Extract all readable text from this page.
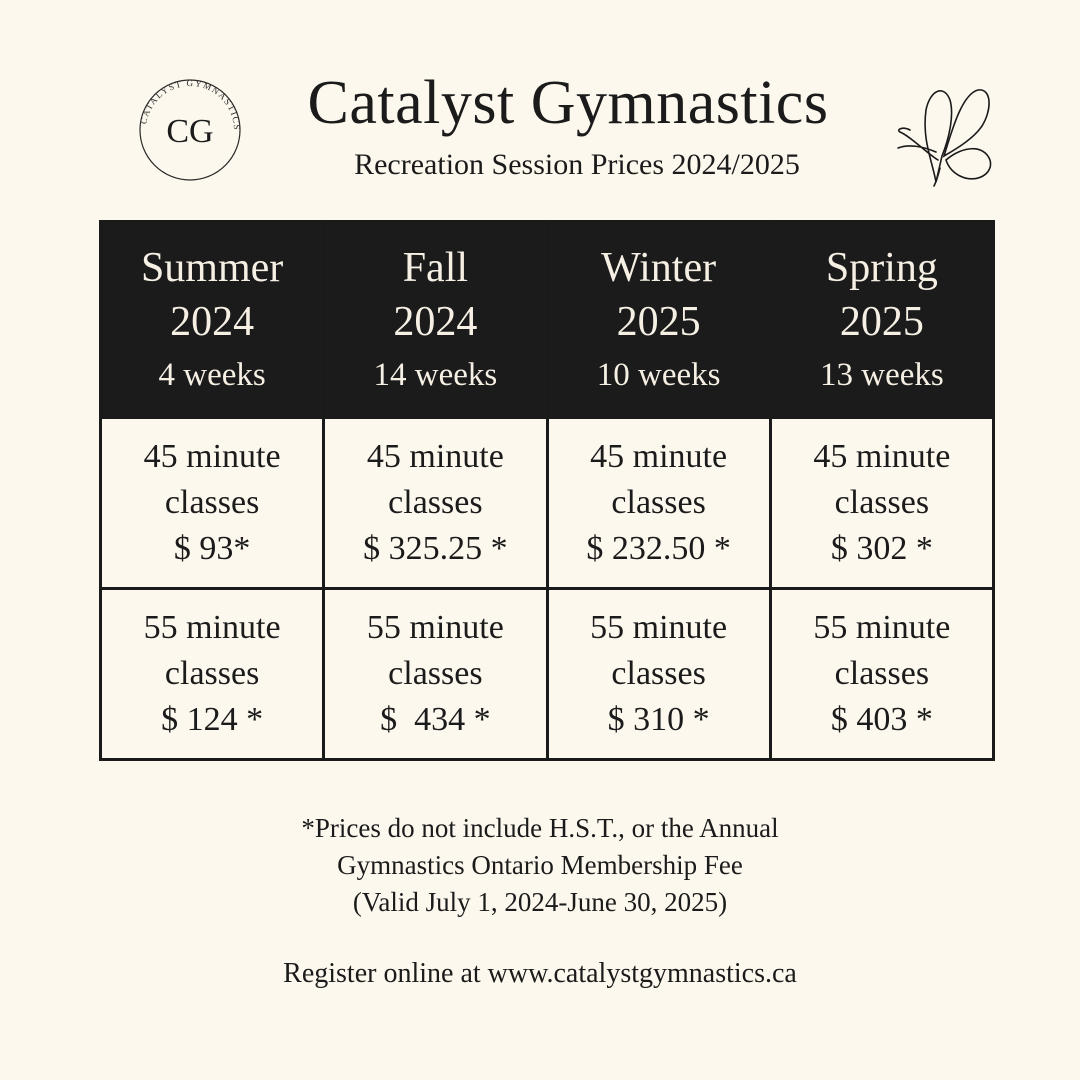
CATALYST GYMNASTICS
CG	Catalyst Gymnastics
Recreation Session Prices 2024/2025
Summer
2024
4 weeks	Fall
2024
14 weeks	Winter
2025
10 weeks	Spring
2025
13 weeks

45 minute
classes
$ 93*	45 minute
classes
$ 325.25 *	45 minute
classes
$ 232.50 *	45 minute
classes
$ 302 *

55 minute
classes
$ 124 *	55 minute
classes
$  434 *	55 minute
classes
$ 310 *	55 minute
classes
$ 403 *
*Prices do not include H.S.T., or the Annual
Gymnastics Ontario Membership Fee
(Valid July 1, 2024-June 30, 2025)
Register online at www.catalystgymnastics.ca
